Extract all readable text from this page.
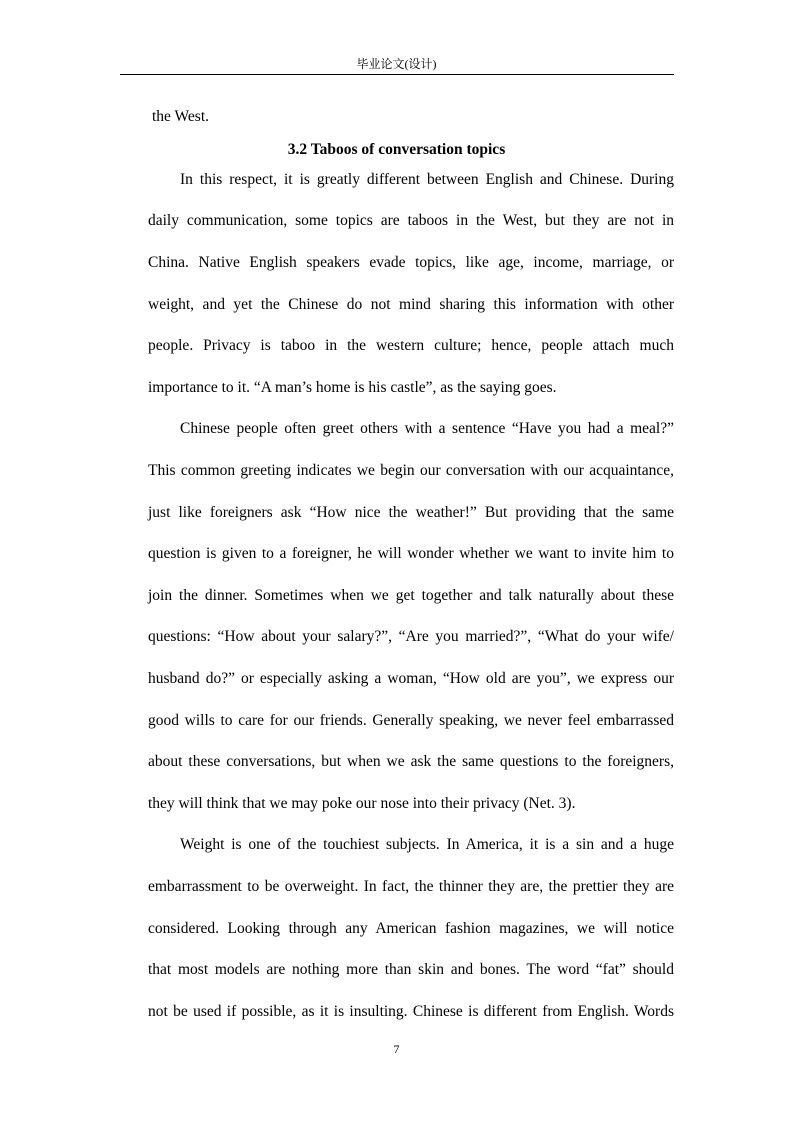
毕业论文(设计)
the West.
3.2 Taboos of conversation topics
In this respect, it is greatly different between English and Chinese. During
daily communication, some topics are taboos in the West, but they are not in
China. Native English speakers evade topics, like age, income, marriage, or
weight, and yet the Chinese do not mind sharing this information with other
people. Privacy is taboo in the western culture; hence, people attach much
importance to it. “A man’s home is his castle”, as the saying goes.
Chinese people often greet others with a sentence “Have you had a meal?”
This common greeting indicates we begin our conversation with our acquaintance,
just like foreigners ask “How nice the weather!” But providing that the same
question is given to a foreigner, he will wonder whether we want to invite him to
join the dinner. Sometimes when we get together and talk naturally about these
questions: “How about your salary?”, “Are you married?”, “What do your wife/
husband do?” or especially asking a woman, “How old are you”, we express our
good wills to care for our friends. Generally speaking, we never feel embarrassed
about these conversations, but when we ask the same questions to the foreigners,
they will think that we may poke our nose into their privacy (Net. 3).
Weight is one of the touchiest subjects. In America, it is a sin and a huge
embarrassment to be overweight. In fact, the thinner they are, the prettier they are
considered. Looking through any American fashion magazines, we will notice
that most models are nothing more than skin and bones. The word “fat” should
not be used if possible, as it is insulting. Chinese is different from English. Words
7
